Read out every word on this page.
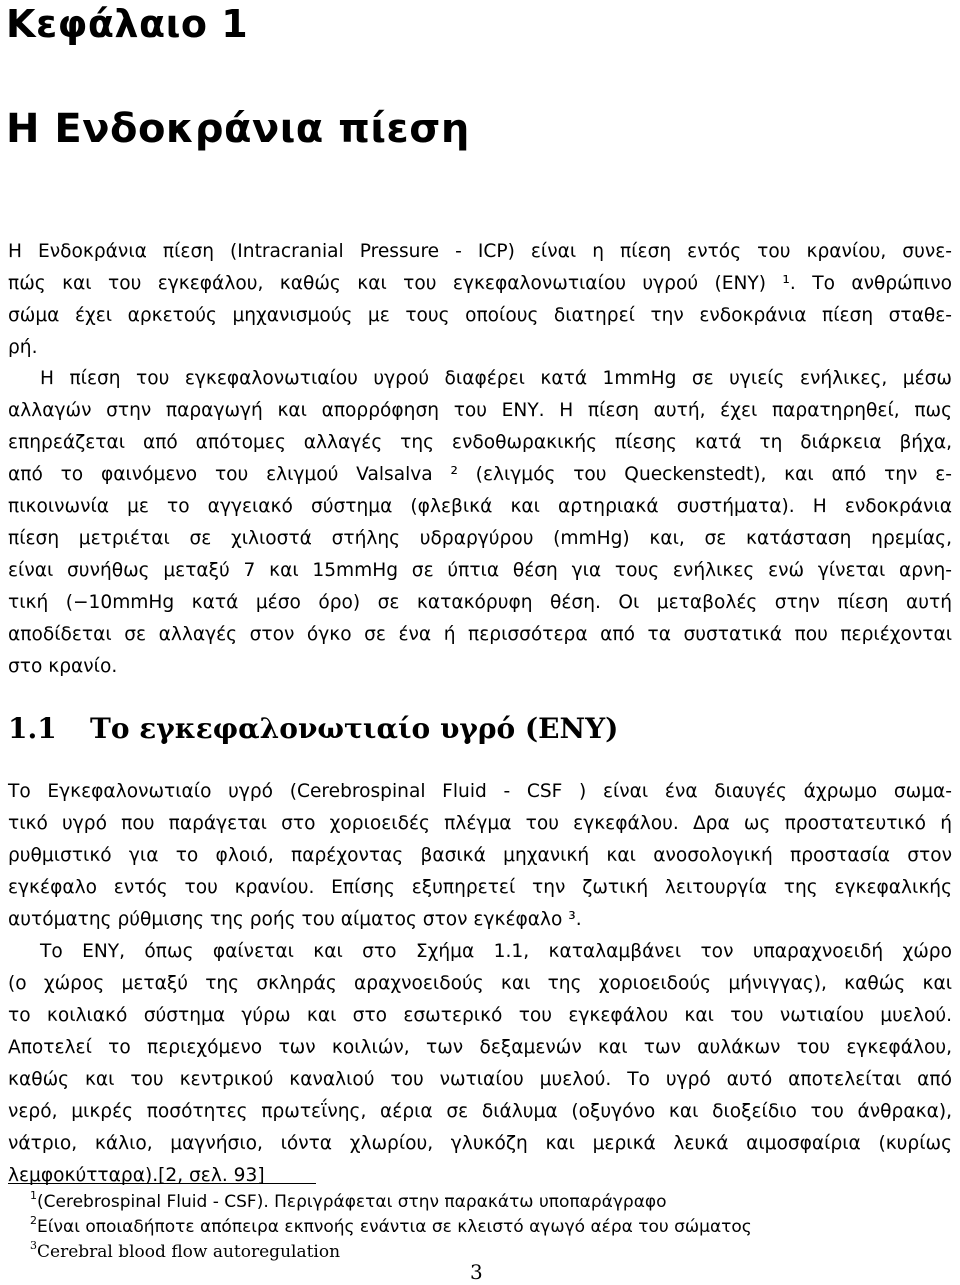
Κεφάλαιο 1
Η Ενδοκράνια πίεση
Η Ενδοκράνια πίεση (Intracranial Pressure - ICP) είναι η πίεση εντός του κρανίου, συνε-
πώς και του εγκεφάλου, καθώς και του εγκεφαλονωτιαίου υγρού (ΕΝΥ) ¹. Το ανθρώπινο
σώμα έχει αρκετούς μηχανισμούς με τους οποίους διατηρεί την ενδοκράνια πίεση σταθε-
ρή.
Η πίεση του εγκεφαλονωτιαίου υγρού διαφέρει κατά 1mmHg σε υγιείς ενήλικες, μέσω
αλλαγών στην παραγωγή και απορρόφηση του ΕΝΥ. Η πίεση αυτή, έχει παρατηρηθεί, πως
επηρεάζεται από απότομες αλλαγές της ενδοθωρακικής πίεσης κατά τη διάρκεια βήχα,
από το φαινόμενο του ελιγμού Valsalva ² (ελιγμός του Queckenstedt), και από την ε-
πικοινωνία με το αγγειακό σύστημα (φλεβικά και αρτηριακά συστήματα). Η ενδοκράνια
πίεση μετριέται σε χιλιοστά στήλης υδραργύρου (mmHg) και, σε κατάσταση ηρεμίας,
είναι συνήθως μεταξύ 7 και 15mmHg σε ύπτια θέση για τους ενήλικες ενώ γίνεται αρνη-
τική (−10mmHg κατά μέσο όρο) σε κατακόρυφη θέση. Οι μεταβολές στην πίεση αυτή
αποδίδεται σε αλλαγές στον όγκο σε ένα ή περισσότερα από τα συστατικά που περιέχονται
στο κρανίο.
1.1 Το εγκεφαλονωτιαίο υγρό (ΕΝΥ)
Το Εγκεφαλονωτιαίο υγρό (Cerebrospinal Fluid - CSF ) είναι ένα διαυγές άχρωμο σωμα-
τικό υγρό που παράγεται στο χοριοειδές πλέγμα του εγκεφάλου. Δρα ως προστατευτικό ή
ρυθμιστικό για το φλοιό, παρέχοντας βασικά μηχανική και ανοσολογική προστασία στον
εγκέφαλο εντός του κρανίου. Επίσης εξυπηρετεί την ζωτική λειτουργία της εγκεφαλικής
αυτόματης ρύθμισης της ροής του αίματος στον εγκέφαλο ³.
Το ΕΝΥ, όπως φαίνεται και στο Σχήμα 1.1, καταλαμβάνει τον υπαραχνοειδή χώρο
(ο χώρος μεταξύ της σκληράς αραχνοειδούς και της χοριοειδούς μήνιγγας), καθώς και
το κοιλιακό σύστημα γύρω και στο εσωτερικό του εγκεφάλου και του νωτιαίου μυελού.
Αποτελεί το περιεχόμενο των κοιλιών, των δεξαμενών και των αυλάκων του εγκεφάλου,
καθώς και του κεντρικού καναλιού του νωτιαίου μυελού. Το υγρό αυτό αποτελείται από
νερό, μικρές ποσότητες πρωτεΐνης, αέρια σε διάλυμα (οξυγόνο και διοξείδιο του άνθρακα),
νάτριο, κάλιο, μαγνήσιο, ιόντα χλωρίου, γλυκόζη και μερικά λευκά αιμοσφαίρια (κυρίως
λεμφοκύτταρα).[2, σελ. 93]
$^1$(Cerebrospinal Fluid - CSF). Περιγράφεται στην παρακάτω υποπαράγραφο
$^2$Είναι οποιαδήποτε απόπειρα εκπνοής ενάντια σε κλειστό αγωγό αέρα του σώματος
$^3$Cerebral blood flow autoregulation
3
